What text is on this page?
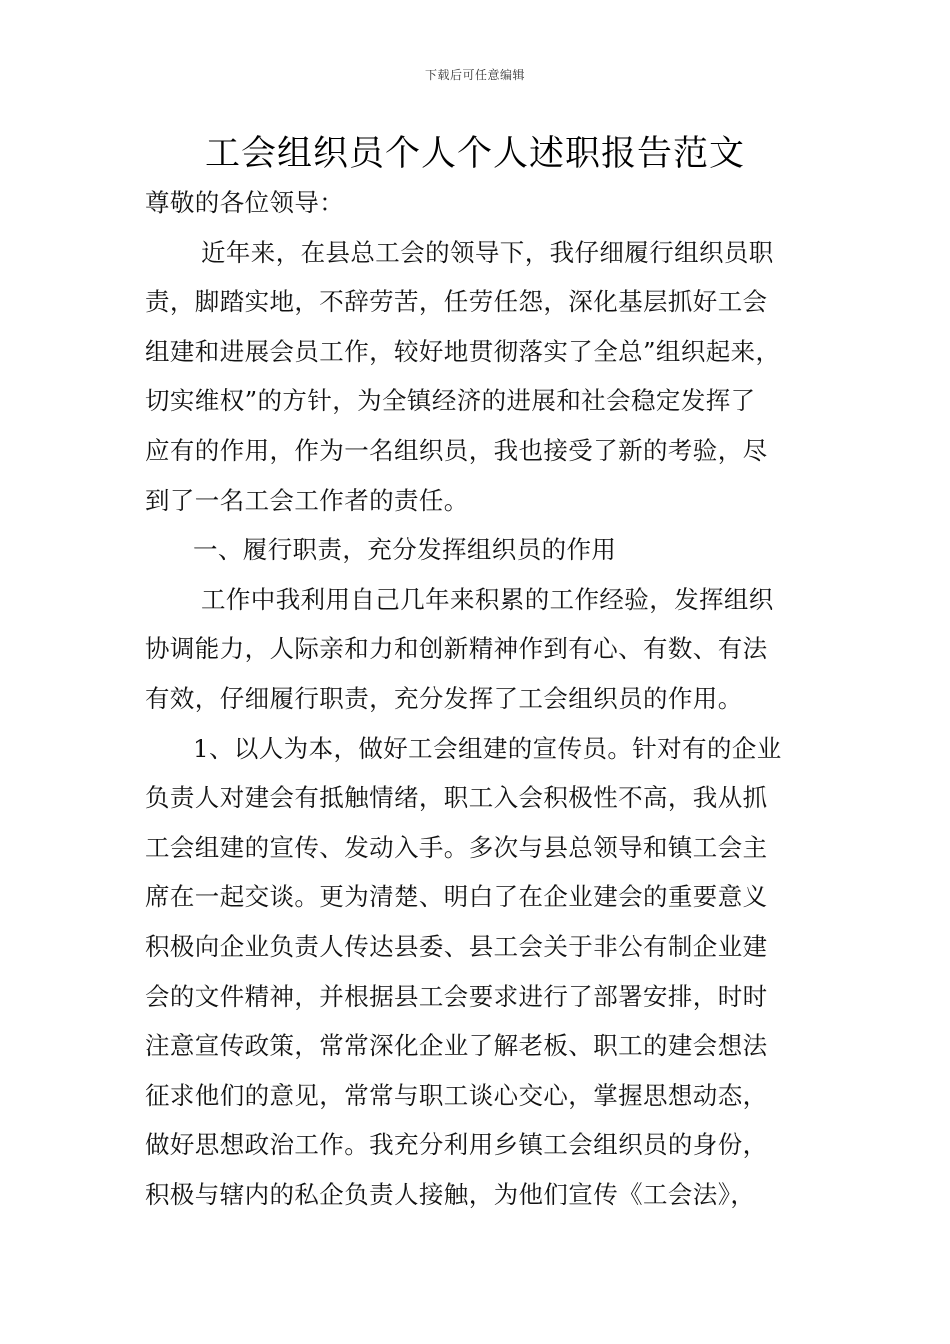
下载后可任意编辑
工会组织员个人个人述职报告范文
尊敬的各位领导：
近年来，在县总工会的领导下，我仔细履行组织员职
责，脚踏实地，不辞劳苦，任劳任怨，深化基层抓好工会
组建和进展会员工作，较好地贯彻落实了全总”组织起来，
切实维权”的方针，为全镇经济的进展和社会稳定发挥了
应有的作用，作为一名组织员，我也接受了新的考验，尽
到了一名工会工作者的责任。
一、履行职责，充分发挥组织员的作用
工作中我利用自己几年来积累的工作经验，发挥组织
协调能力，人际亲和力和创新精神作到有心、有数、有法
有效，仔细履行职责，充分发挥了工会组织员的作用。
1、以人为本，做好工会组建的宣传员。针对有的企业
负责人对建会有抵触情绪，职工入会积极性不高，我从抓
工会组建的宣传、发动入手。多次与县总领导和镇工会主
席在一起交谈。更为清楚、明白了在企业建会的重要意义
积极向企业负责人传达县委、县工会关于非公有制企业建
会的文件精神，并根据县工会要求进行了部署安排，时时
注意宣传政策，常常深化企业了解老板、职工的建会想法
征求他们的意见，常常与职工谈心交心，掌握思想动态，
做好思想政治工作。我充分利用乡镇工会组织员的身份，
积极与辖内的私企负责人接触，为他们宣传《工会法》，
